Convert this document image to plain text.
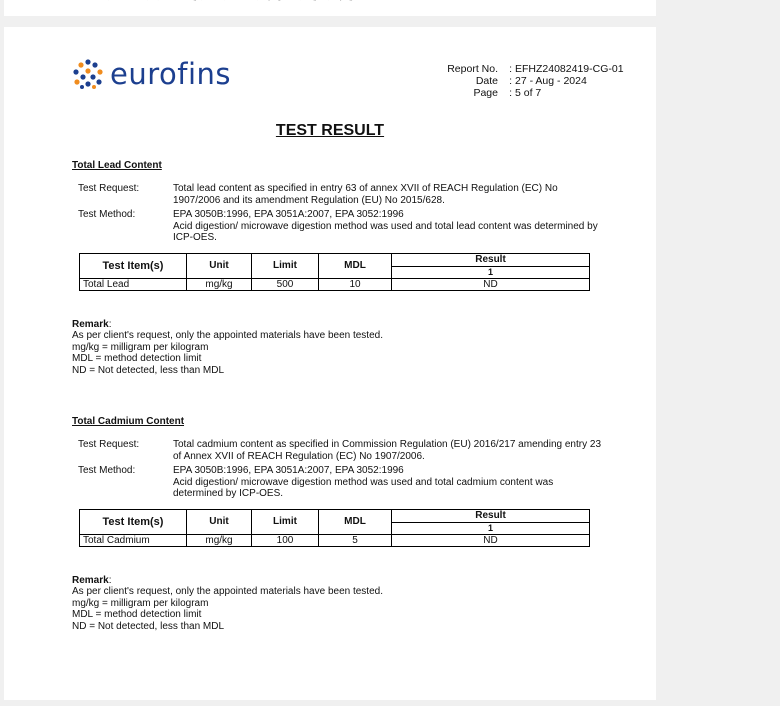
eurofins	Report No.	: EFHZ24082419-CG-01
Date	: 27 - Aug - 2024
Page	: 5 of 7
TEST RESULT
Total Lead Content
Test Request:	Total lead content as specified in entry 63 of annex XVII of REACH Regulation (EC) No 1907/2006 and its amendment Regulation (EU) No 2015/628.
Test Method:	EPA 3050B:1996, EPA 3051A:2007, EPA 3052:1996
Acid digestion/ microwave digestion method was used and total lead content was determined by ICP-OES.
Test Item(s)	Unit	Limit	MDL	Result
				1
Total Lead	mg/kg	500	10	ND
Remark:
As per client's request, only the appointed materials have been tested.
mg/kg = milligram per kilogram
MDL = method detection limit
ND = Not detected, less than MDL
Total Cadmium Content
Test Request:	Total cadmium content as specified in Commission Regulation (EU) 2016/217 amending entry 23 of Annex XVII of REACH Regulation (EC) No 1907/2006.
Test Method:	EPA 3050B:1996, EPA 3051A:2007, EPA 3052:1996
Acid digestion/ microwave digestion method was used and total cadmium content was determined by ICP-OES.
Test Item(s)	Unit	Limit	MDL	Result
				1
Total Cadmium	mg/kg	100	5	ND
Remark:
As per client's request, only the appointed materials have been tested.
mg/kg = milligram per kilogram
MDL = method detection limit
ND = Not detected, less than MDL
